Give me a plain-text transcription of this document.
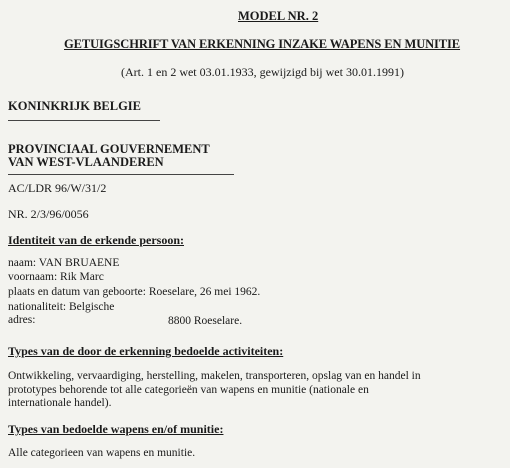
MODEL NR. 2
GETUIGSCHRIFT VAN ERKENNING INZAKE WAPENS EN MUNITIE
(Art. 1 en 2 wet 03.01.1933, gewijzigd bij wet 30.01.1991)
KONINKRIJK BELGIE
PROVINCIAAL GOUVERNEMENT
VAN WEST-VLAANDEREN
AC/LDR 96/W/31/2
NR. 2/3/96/0056
Identiteit van de erkende persoon:
naam: VAN BRUAENE
voornaam: Rik Marc
plaats en datum van geboorte: Roeselare, 26 mei 1962.
nationaliteit: Belgische
adres:	8800 Roeselare.
Types van de door de erkenning bedoelde activiteiten:
Ontwikkeling, vervaardiging, herstelling, makelen, transporteren, opslag van en handel in
prototypes behorende tot alle categorieën van wapens en munitie (nationale en
internationale handel).
Types van bedoelde wapens en/of munitie:
Alle categorieen van wapens en munitie.
